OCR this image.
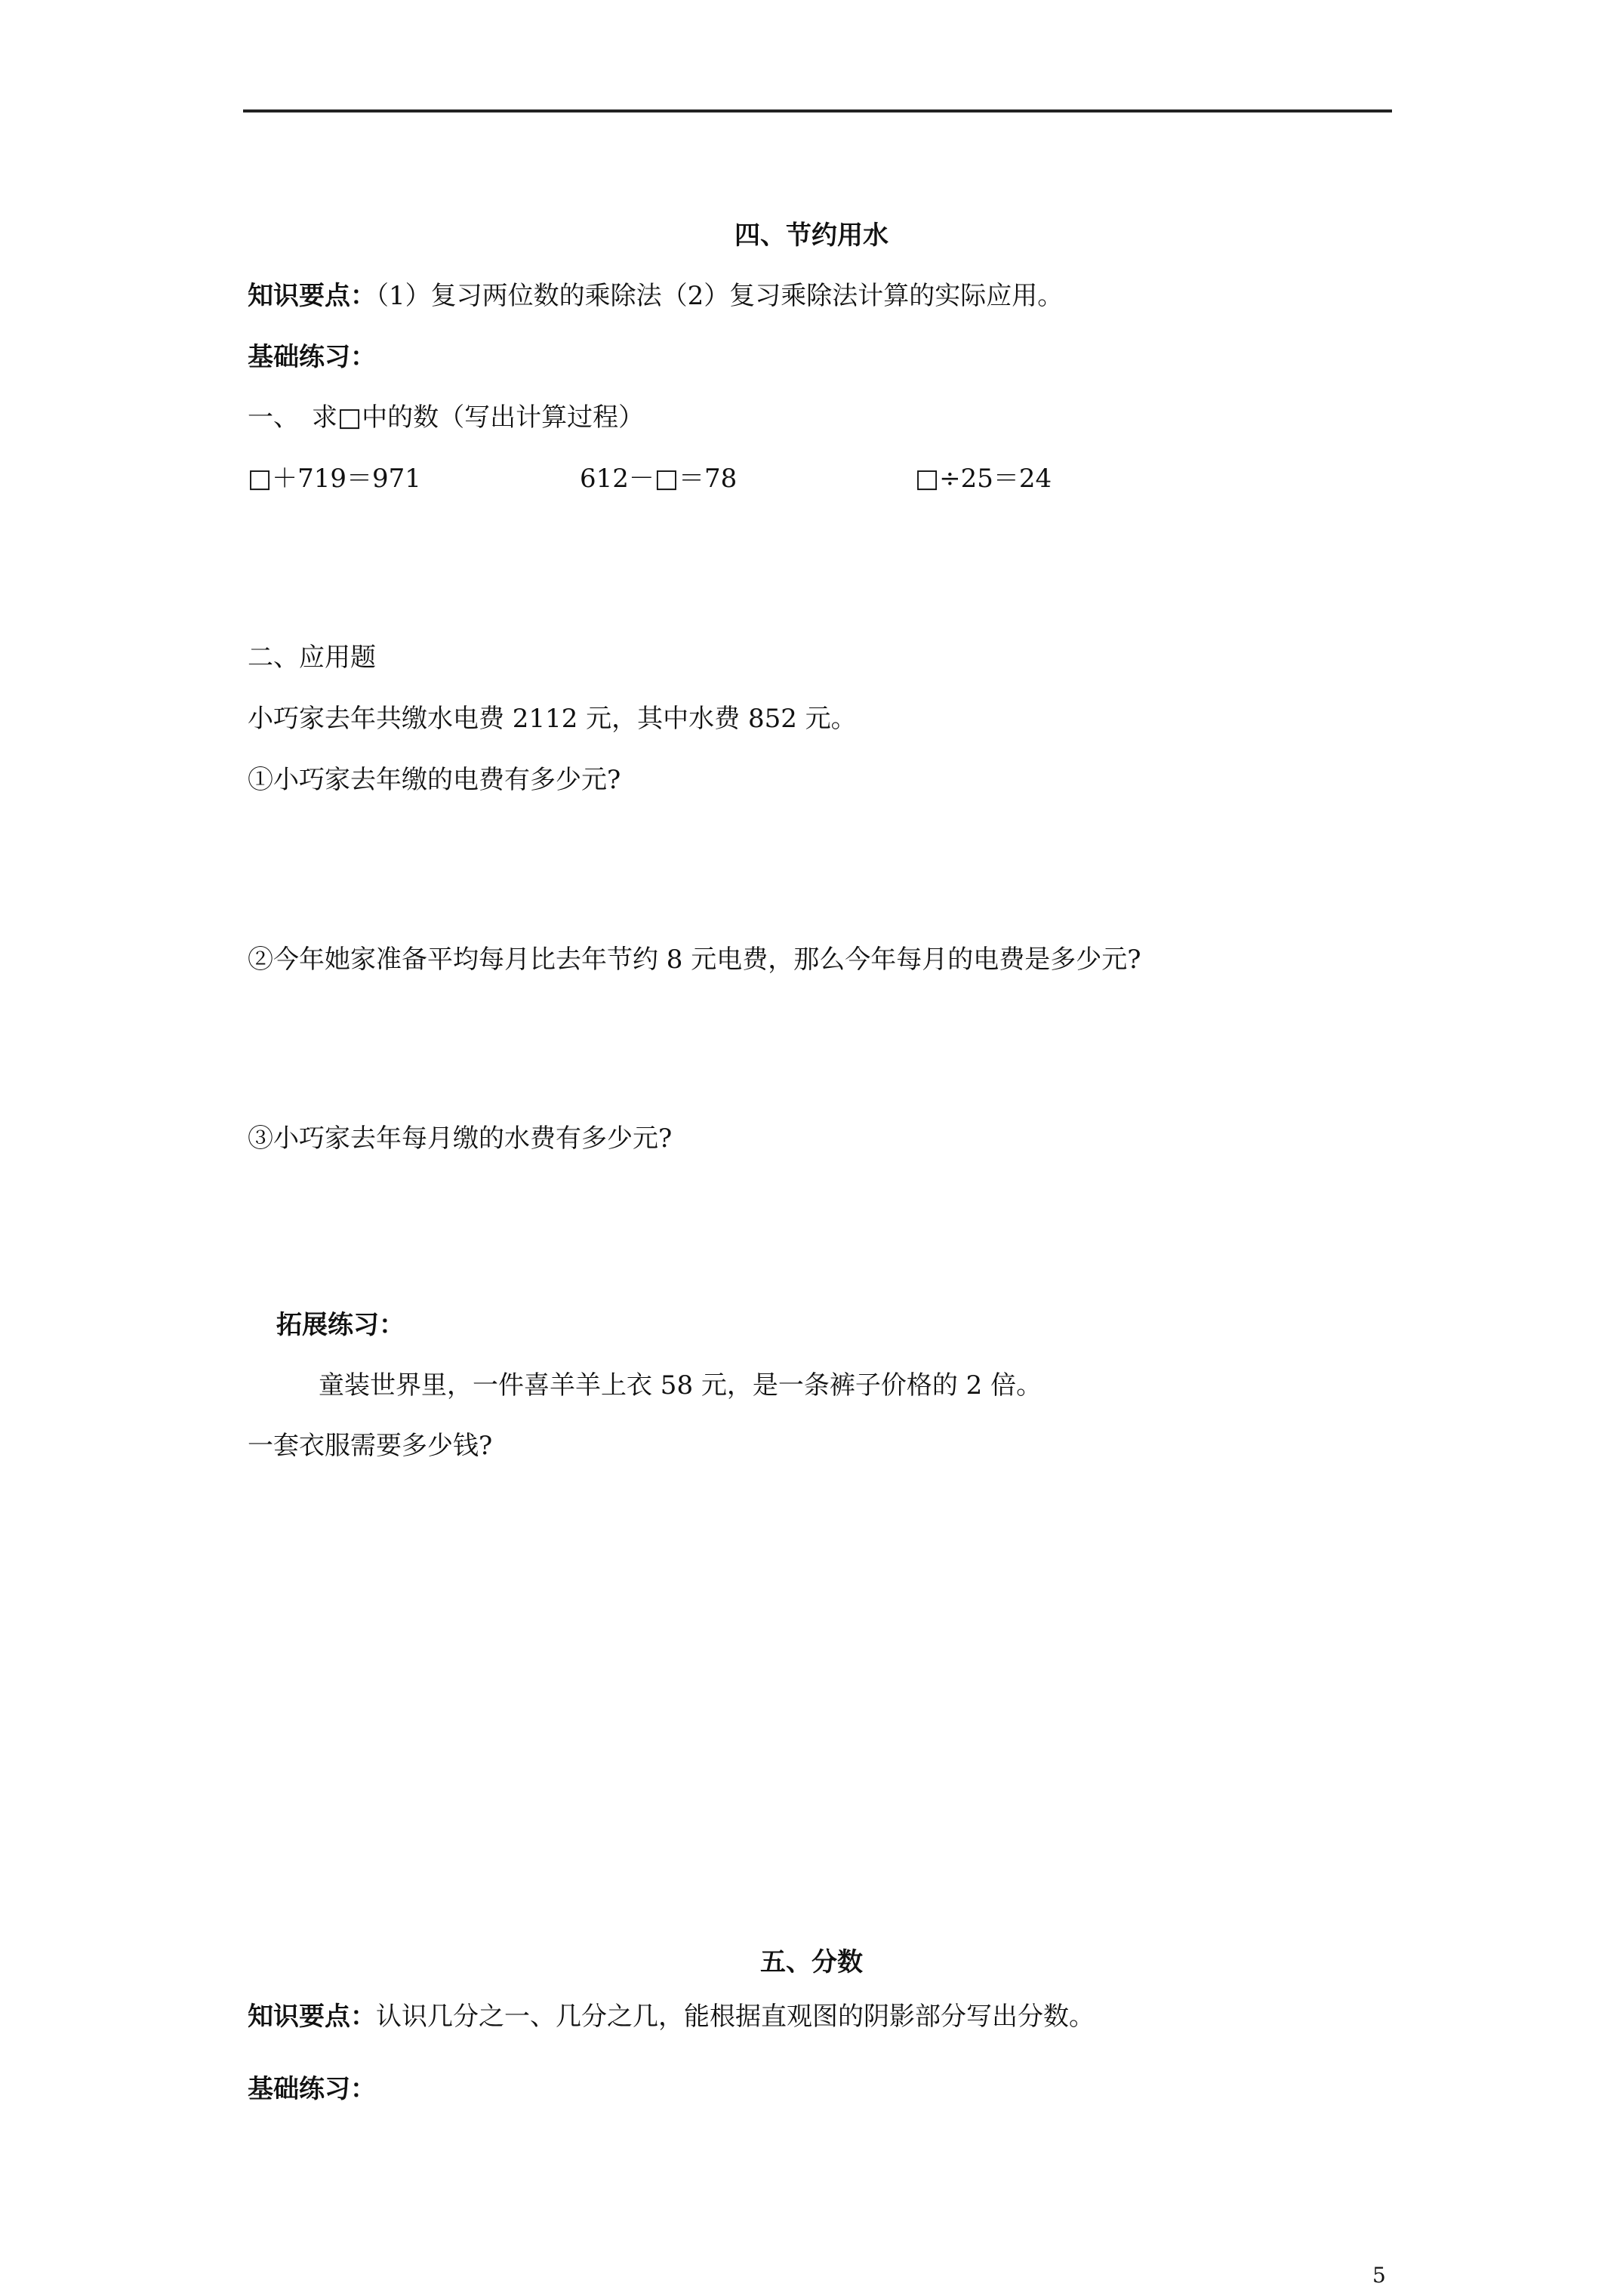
四、节约用水
知识要点：（1）复习两位数的乘除法（2）复习乘除法计算的实际应用。
基础练习：
一、　求□中的数（写出计算过程）
□＋719＝971	612－□＝78	□÷25＝24
二、应用题
小巧家去年共缴水电费 2112 元，其中水费 852 元。
①小巧家去年缴的电费有多少元?
②今年她家准备平均每月比去年节约 8 元电费，那么今年每月的电费是多少元?
③小巧家去年每月缴的水费有多少元?
拓展练习：
童装世界里，一件喜羊羊上衣 58 元，是一条裤子价格的 2 倍。
一套衣服需要多少钱?
五、分数
知识要点：认识几分之一、几分之几，能根据直观图的阴影部分写出分数。
基础练习：
5
